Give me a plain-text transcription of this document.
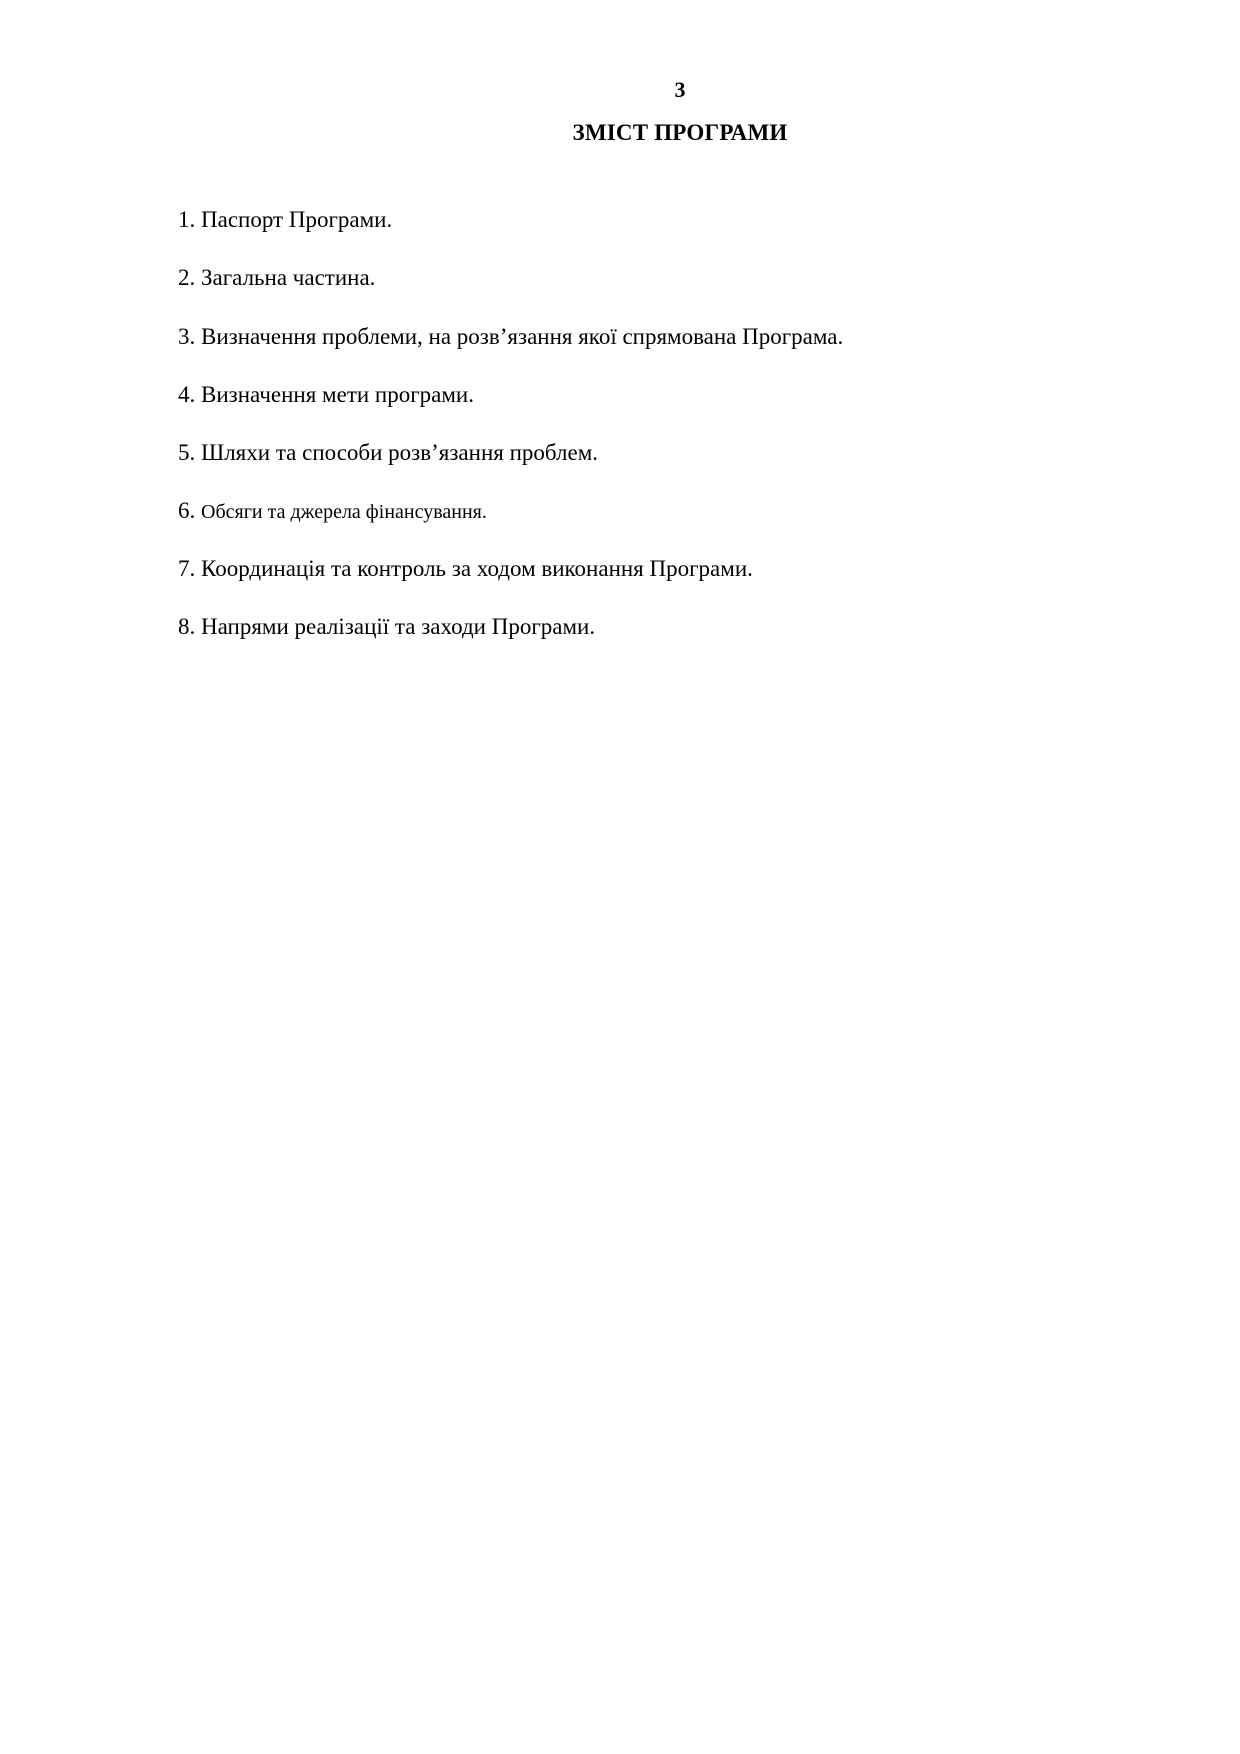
3
ЗМІСТ ПРОГРАМИ
1. Паспорт Програми.
2. Загальна частина.
3. Визначення проблеми, на розв’язання якої спрямована Програма.
4. Визначення мети програми.
5. Шляхи та способи розв’язання проблем.
6. Обсяги та джерела фінансування.
7. Координація та контроль за ходом виконання Програми.
8. Напрями реалізації та заходи Програми.
